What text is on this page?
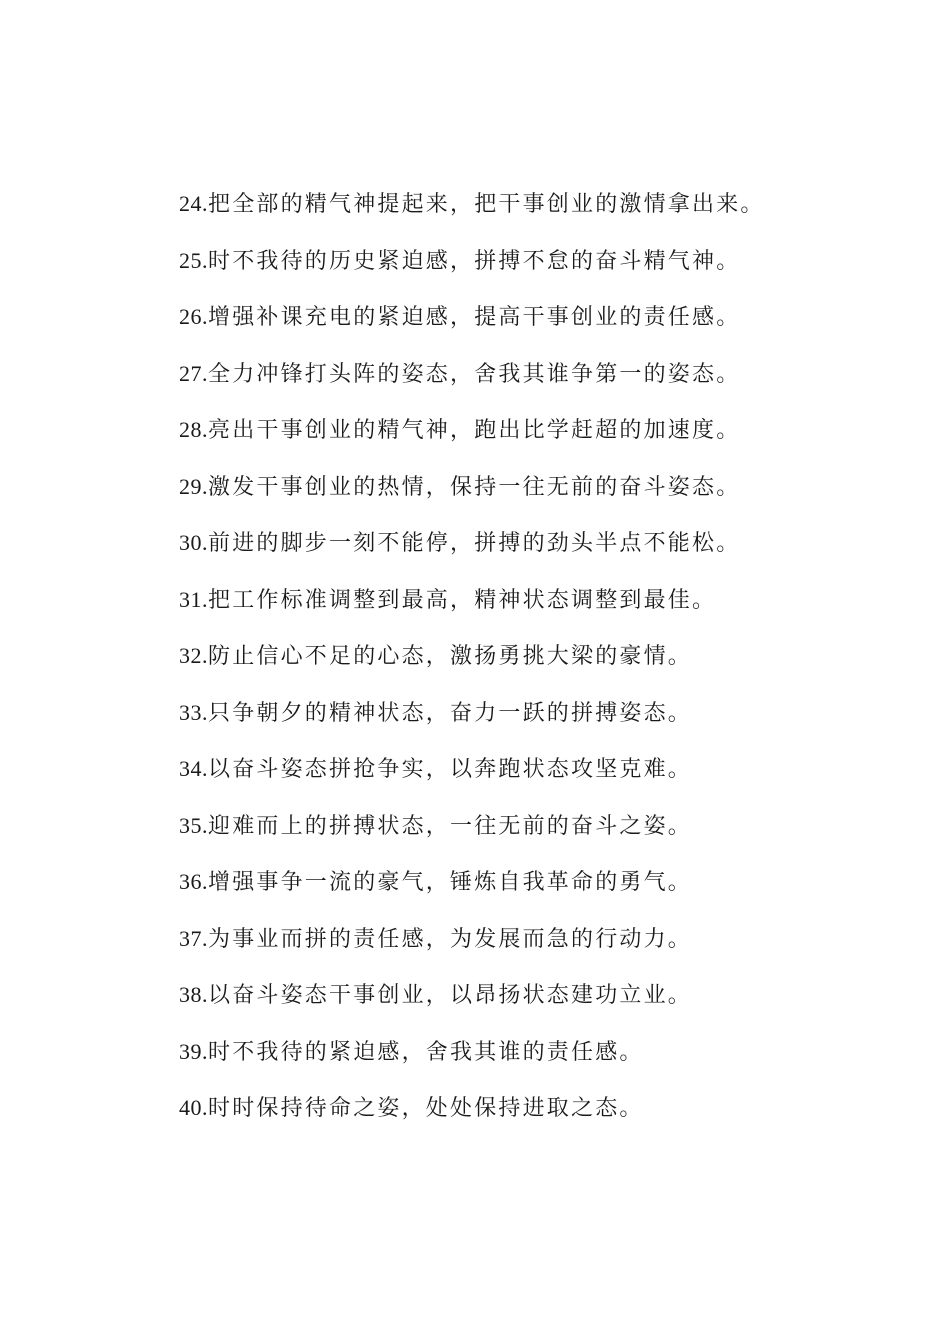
24.把全部的精气神提起来，把干事创业的激情拿出来。
25.时不我待的历史紧迫感，拼搏不怠的奋斗精气神。
26.增强补课充电的紧迫感，提高干事创业的责任感。
27.全力冲锋打头阵的姿态，舍我其谁争第一的姿态。
28.亮出干事创业的精气神，跑出比学赶超的加速度。
29.激发干事创业的热情，保持一往无前的奋斗姿态。
30.前进的脚步一刻不能停，拼搏的劲头半点不能松。
31.把工作标准调整到最高，精神状态调整到最佳。
32.防止信心不足的心态，激扬勇挑大梁的豪情。
33.只争朝夕的精神状态，奋力一跃的拼搏姿态。
34.以奋斗姿态拼抢争实，以奔跑状态攻坚克难。
35.迎难而上的拼搏状态，一往无前的奋斗之姿。
36.增强事争一流的豪气，锤炼自我革命的勇气。
37.为事业而拼的责任感，为发展而急的行动力。
38.以奋斗姿态干事创业，以昂扬状态建功立业。
39.时不我待的紧迫感，舍我其谁的责任感。
40.时时保持待命之姿，处处保持进取之态。
